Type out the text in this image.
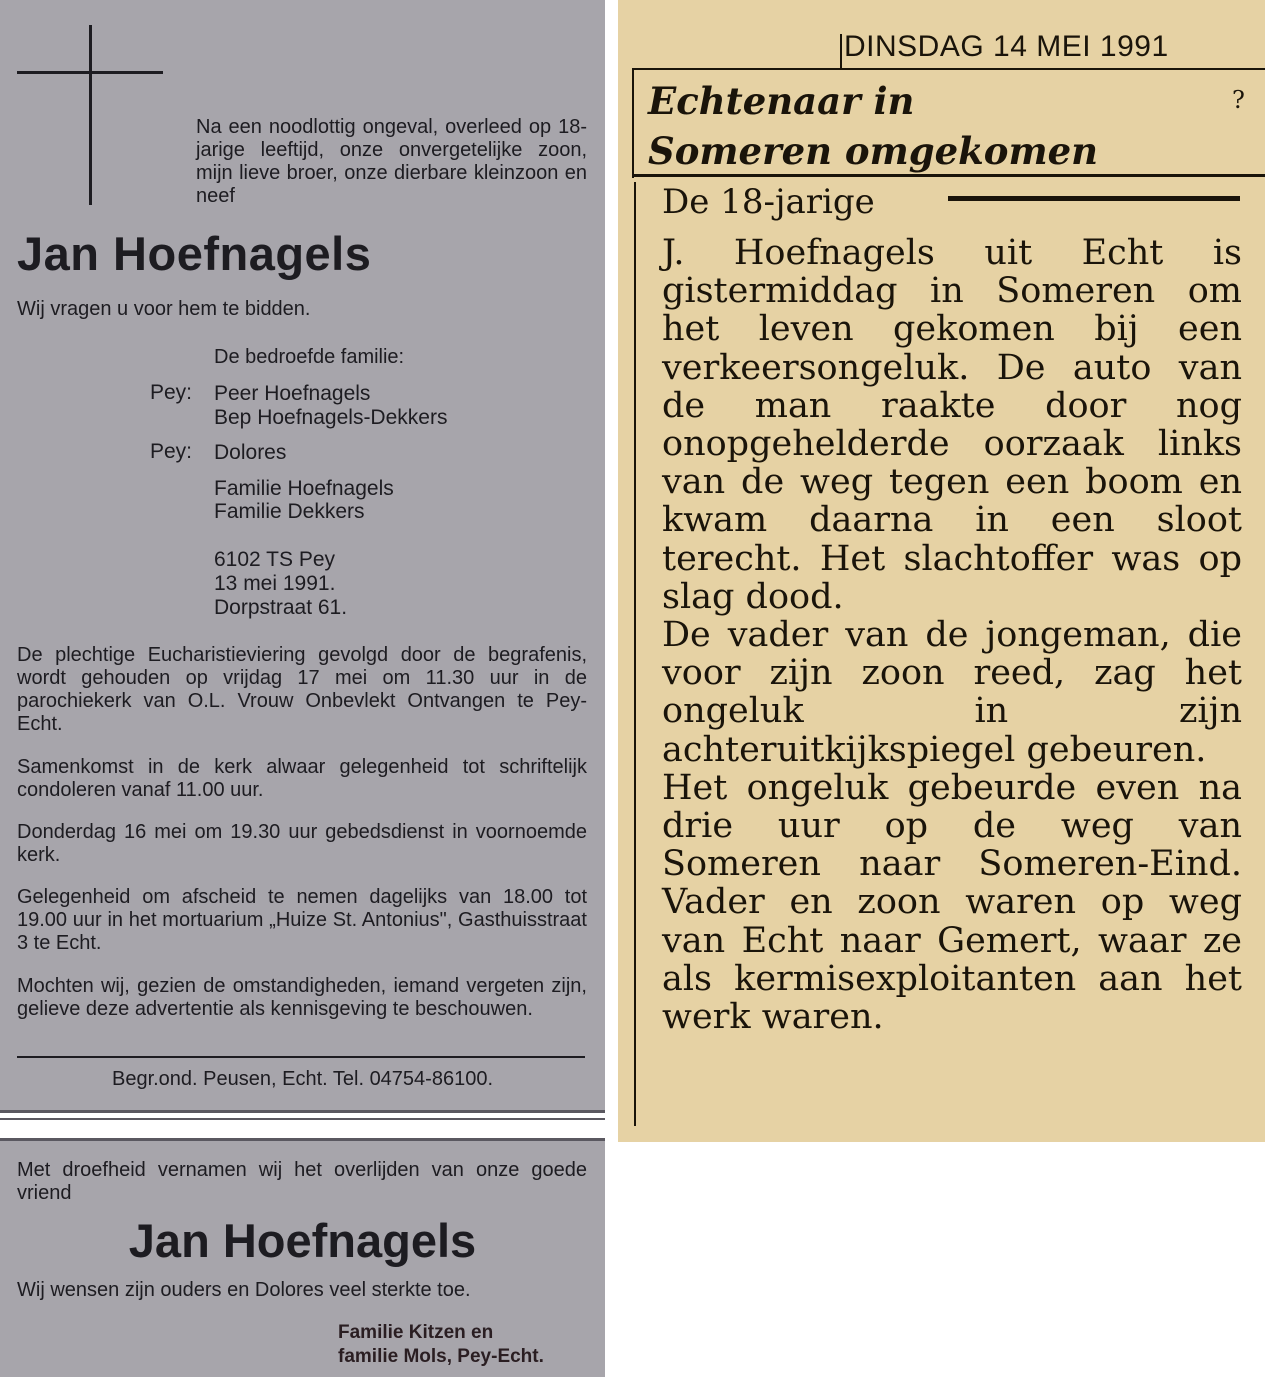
Na een noodlottig ongeval, overleed op 18-jarige leeftijd, onze onvergetelijke zoon, mijn lieve broer, onze dierbare kleinzoon en neef

Jan Hoefnagels

Wij vragen u voor hem te bidden.

De bedroefde familie:

Pey: Peer Hoefnagels

Bep Hoefnagels-Dekkers

Pey: Dolores

Familie Hoefnagels

Familie Dekkers

6102 TS Pey

13 mei 1991.

Dorpstraat 61.

De plechtige Eucharistieviering gevolgd door de begrafenis, wordt gehouden op vrijdag 17 mei om 11.30 uur in de parochiekerk van O.L. Vrouw Onbevlekt Ontvangen te Pey-Echt.

Samenkomst in de kerk alwaar gelegenheid tot schriftelijk condoleren vanaf 11.00 uur.

Donderdag 16 mei om 19.30 uur gebedsdienst in voornoemde kerk.

Gelegenheid om afscheid te nemen dagelijks van 18.00 tot 19.00 uur in het mortuarium „Huize St. Antonius", Gasthuisstraat 3 te Echt.

Mochten wij, gezien de omstandigheden, iemand vergeten zijn, gelieve deze advertentie als kennisgeving te beschouwen.

Begr.ond. Peusen, Echt. Tel. 04754-86100.

Met droefheid vernamen wij het overlijden van onze goede vriend

Jan Hoefnagels

Wij wensen zijn ouders en Dolores veel sterkte toe.

Familie Kitzen en
familie Mols, Pey-Echt.

DINSDAG 14 MEI 1991

Echtenaar in
Someren omgekomen

?

De 18-jarige

J. Hoefnagels uit Echt is gistermiddag in Someren om het leven gekomen bij een verkeersongeluk. De auto van de man raakte door nog onopgehelderde oorzaak links van de weg tegen een boom en kwam daarna in een sloot terecht. Het slachtoffer was op slag dood.

De vader van de jongeman, die voor zijn zoon reed, zag het ongeluk in zijn achteruitkijkspiegel gebeuren.

Het ongeluk gebeurde even na drie uur op de weg van Someren naar Someren-Eind. Vader en zoon waren op weg van Echt naar Gemert, waar ze als kermisexploitanten aan het werk waren.
